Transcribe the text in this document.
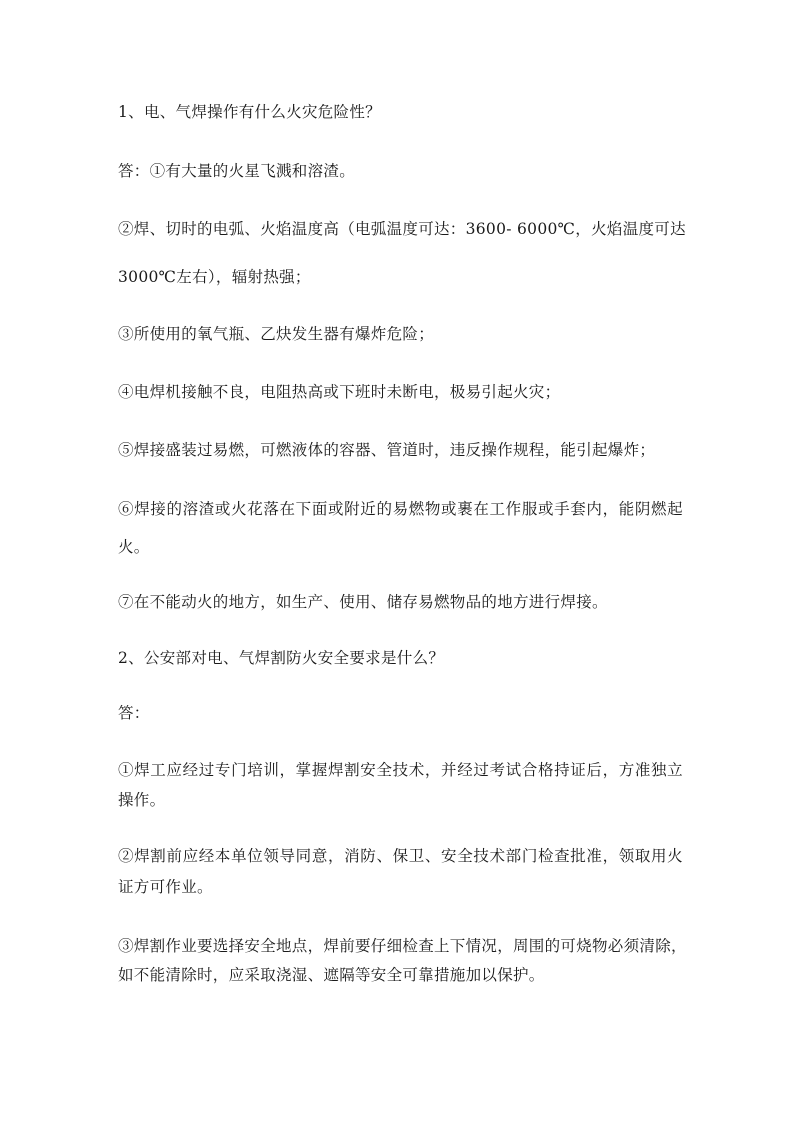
1、电、气焊操作有什么火灾危险性？
答：①有大量的火星飞溅和溶渣。
②焊、切时的电弧、火焰温度高（电弧温度可达：3600- 6000℃，火焰温度可达
3000℃左右），辐射热强；
③所使用的氧气瓶、乙炔发生器有爆炸危险；
④电焊机接触不良，电阻热高或下班时未断电，极易引起火灾；
⑤焊接盛装过易燃，可燃液体的容器、管道时，违反操作规程，能引起爆炸；
⑥焊接的溶渣或火花落在下面或附近的易燃物或裹在工作服或手套内，能阴燃起
火。
⑦在不能动火的地方，如生产、使用、储存易燃物品的地方进行焊接。
2、公安部对电、气焊割防火安全要求是什么？
答：
①焊工应经过专门培训，掌握焊割安全技术，并经过考试合格持证后，方准独立
操作。
②焊割前应经本单位领导同意，消防、保卫、安全技术部门检查批准，领取用火
证方可作业。
③焊割作业要选择安全地点，焊前要仔细检查上下情况，周围的可烧物必须清除，
如不能清除时，应采取浇湿、遮隔等安全可靠措施加以保护。
